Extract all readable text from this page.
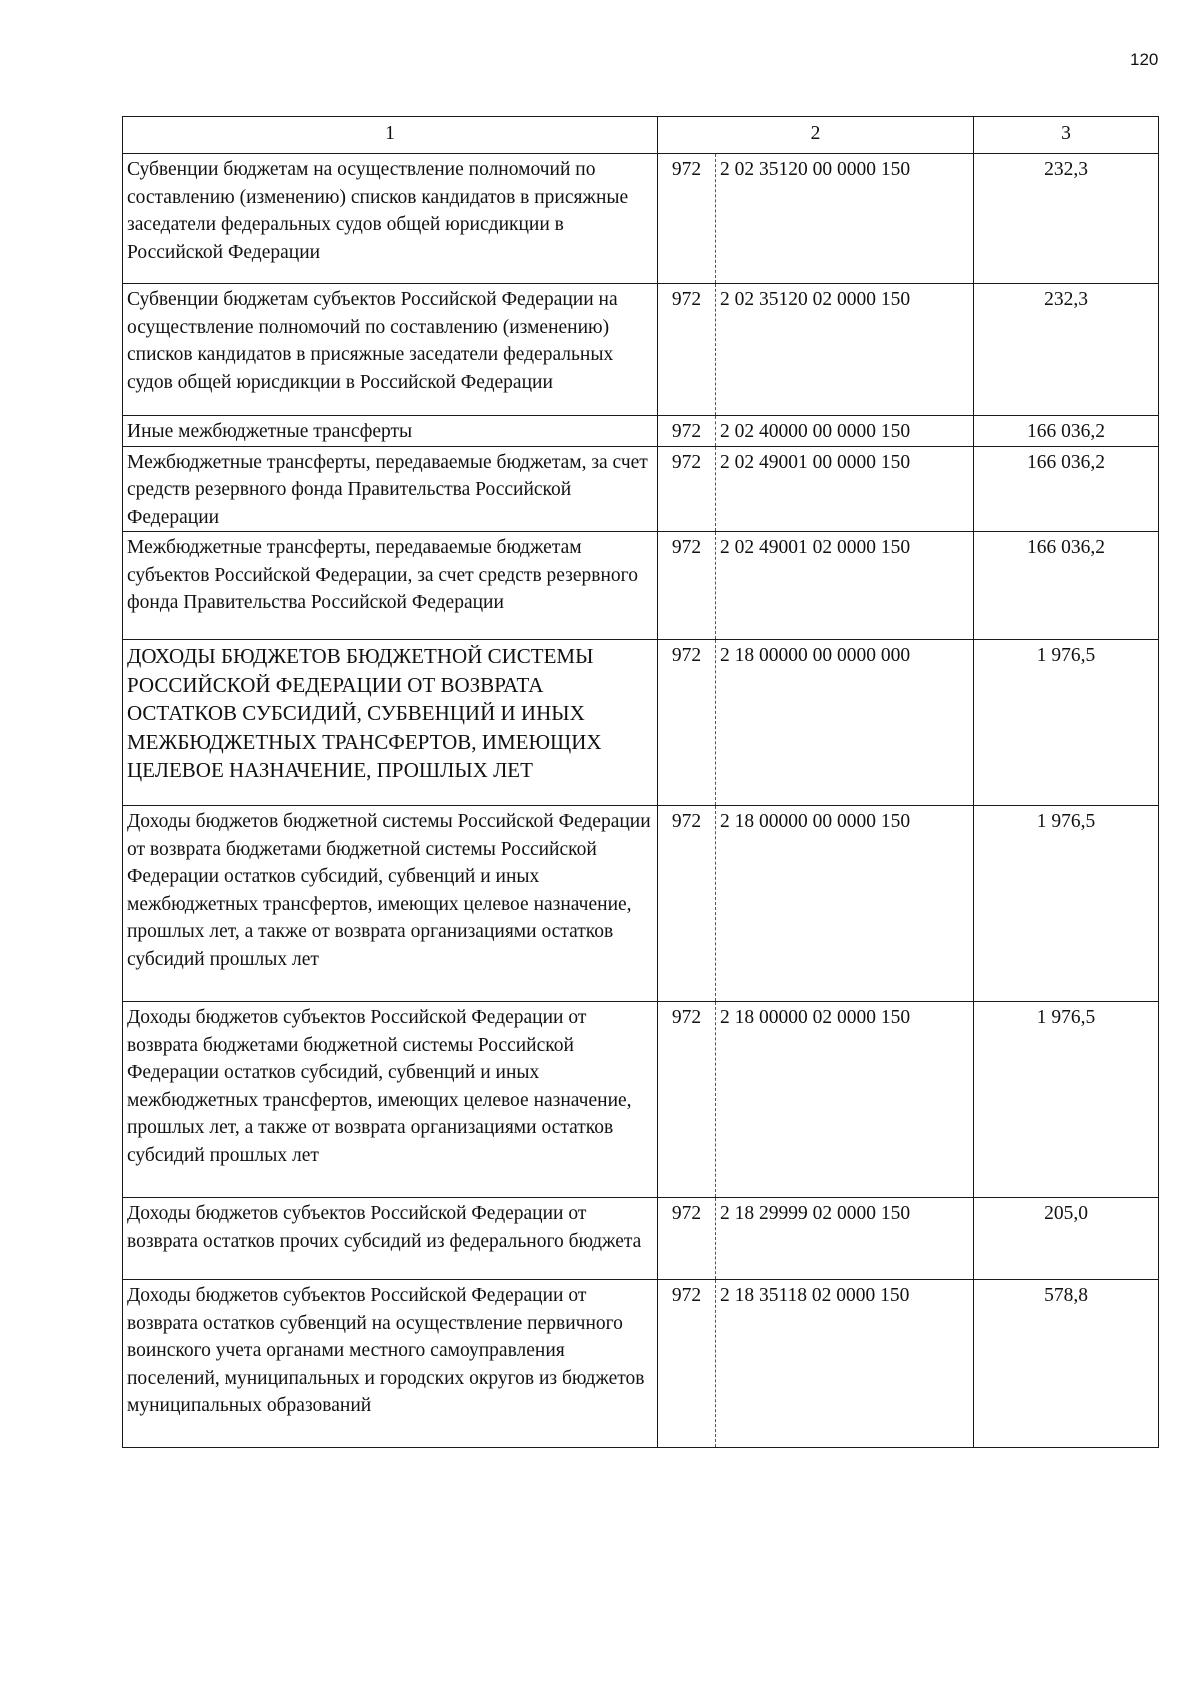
120
1	2		3
Субвенции бюджетам на осуществление полномочий по составлению (изменению) списков кандидатов в присяжные заседатели федеральных судов общей юрисдикции в Российской Федерации	972	2 02 35120 00 0000 150	232,3
Субвенции бюджетам субъектов Российской Федерации на осуществление полномочий по составлению (изменению) списков кандидатов в присяжные заседатели федеральных судов общей юрисдикции в Российской Федерации	972	2 02 35120 02 0000 150	232,3
Иные межбюджетные трансферты	972	2 02 40000 00 0000 150	166 036,2
Межбюджетные трансферты, передаваемые бюджетам, за счет средств резервного фонда Правительства Российской Федерации	972	2 02 49001 00 0000 150	166 036,2
Межбюджетные трансферты, передаваемые бюджетам субъектов Российской Федерации, за счет средств резервного фонда Правительства Российской Федерации	972	2 02 49001 02 0000 150	166 036,2
ДОХОДЫ БЮДЖЕТОВ БЮДЖЕТНОЙ СИСТЕМЫ РОССИЙСКОЙ ФЕДЕРАЦИИ ОТ ВОЗВРАТА ОСТАТКОВ СУБСИДИЙ, СУБВЕНЦИЙ И ИНЫХ МЕЖБЮДЖЕТНЫХ ТРАНСФЕРТОВ, ИМЕЮЩИХ ЦЕЛЕВОЕ НАЗНАЧЕНИЕ, ПРОШЛЫХ ЛЕТ	972	2 18 00000 00 0000 000	1 976,5
Доходы бюджетов бюджетной системы Российской Федерации от возврата бюджетами бюджетной системы Российской Федерации остатков субсидий, субвенций и иных межбюджетных трансфертов, имеющих целевое назначение, прошлых лет, а также от возврата организациями остатков субсидий прошлых лет	972	2 18 00000 00 0000 150	1 976,5
Доходы бюджетов субъектов Российской Федерации от возврата бюджетами бюджетной системы Российской Федерации остатков субсидий, субвенций и иных межбюджетных трансфертов, имеющих целевое назначение, прошлых лет, а также от возврата организациями остатков субсидий прошлых лет	972	2 18 00000 02 0000 150	1 976,5
Доходы бюджетов субъектов Российской Федерации от возврата остатков прочих субсидий из федерального бюджета	972	2 18 29999 02 0000 150	205,0
Доходы бюджетов субъектов Российской Федерации от возврата остатков субвенций на осуществление первичного воинского учета органами местного самоуправления поселений, муниципальных и городских округов из бюджетов муниципальных образований	972	2 18 35118 02 0000 150	578,8
